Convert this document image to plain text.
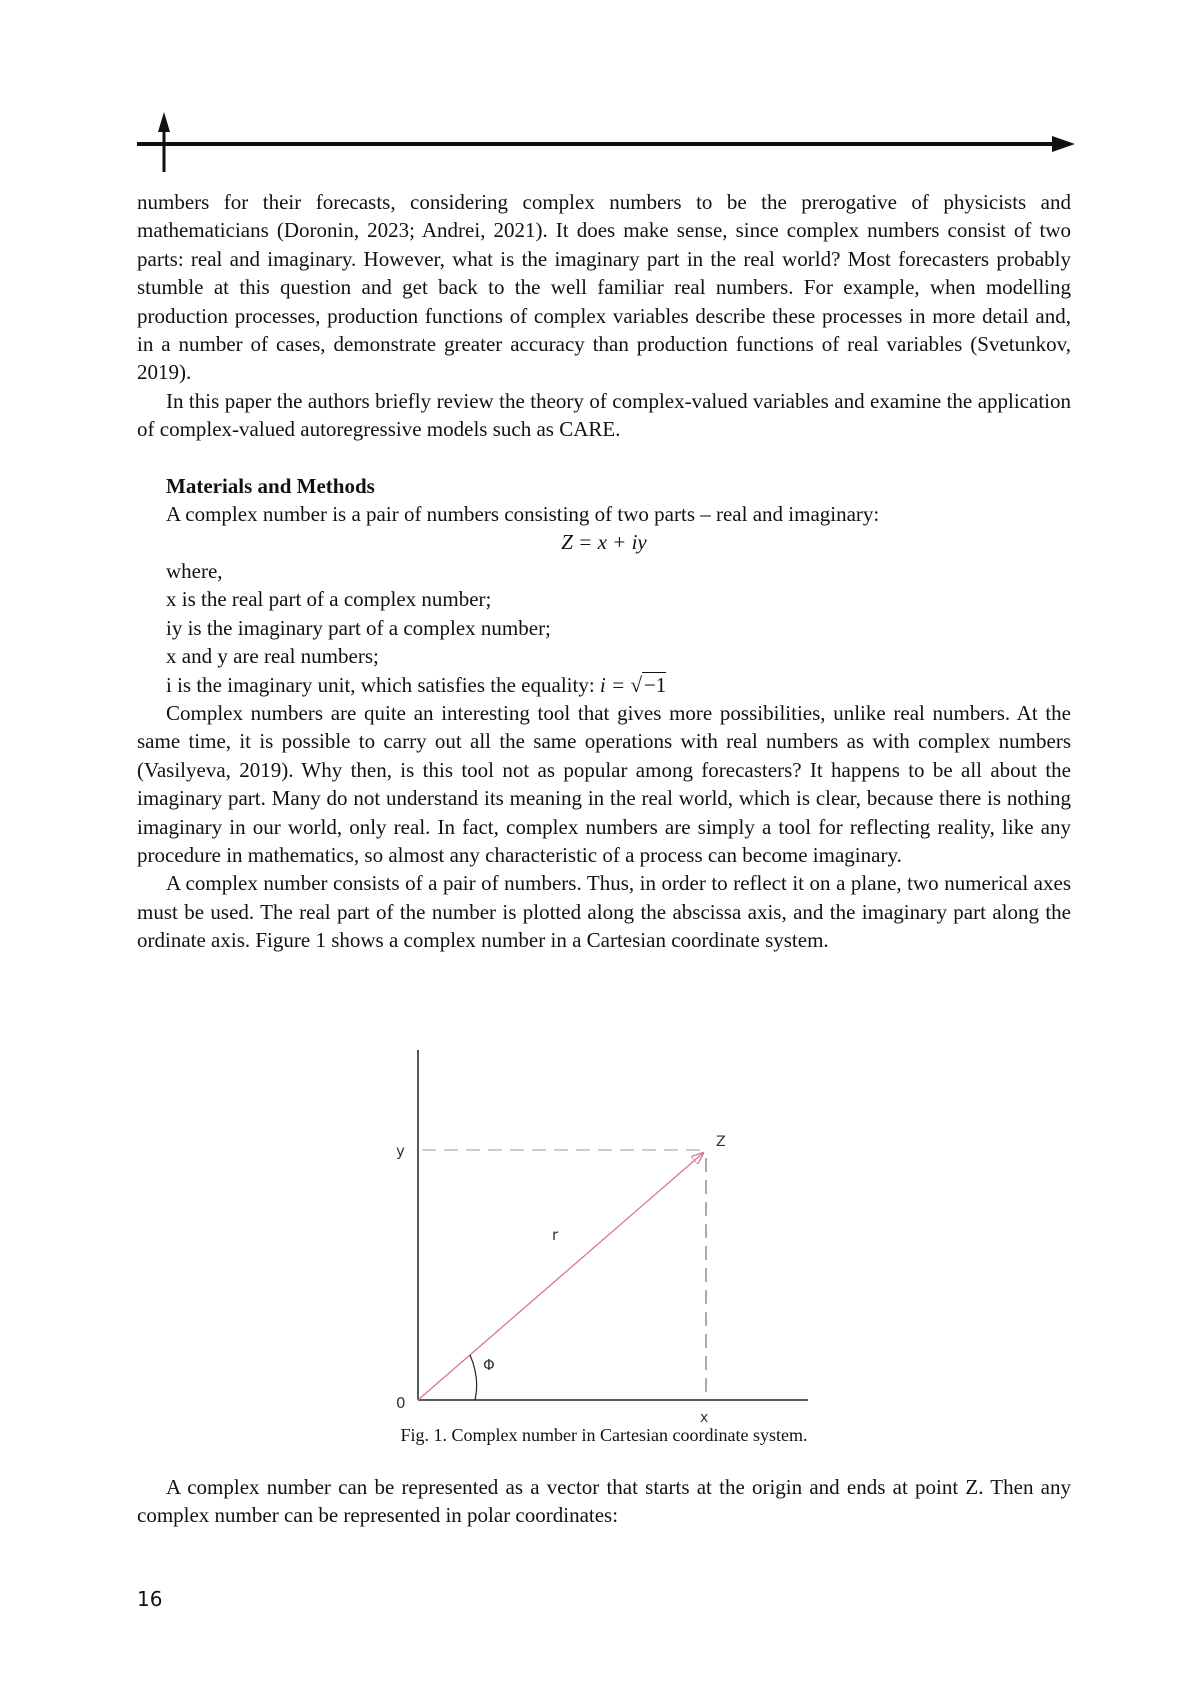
numbers for their forecasts, considering complex numbers to be the prerogative of physicists and mathematicians (Doronin, 2023; Andrei, 2021). It does make sense, since complex numbers consist of two parts: real and imaginary. However, what is the imaginary part in the real world? Most forecasters probably stumble at this question and get back to the well familiar real numbers. For example, when modelling production processes, production functions of complex variables describe these processes in more detail and, in a number of cases, demonstrate greater accuracy than production functions of real variables (Svetunkov, 2019).

In this paper the authors briefly review the theory of complex-valued variables and examine the application of complex-valued autoregressive models such as CARE.

Materials and Methods

A complex number is a pair of numbers consisting of two parts – real and imaginary:

Z = x + iy

where,

x is the real part of a complex number;

iy is the imaginary part of a complex number;

x and y are real numbers;

i is the imaginary unit, which satisfies the equality: i = √−1

Complex numbers are quite an interesting tool that gives more possibilities, unlike real numbers. At the same time, it is possible to carry out all the same operations with real numbers as with complex numbers (Vasilyeva, 2019). Why then, is this tool not as popular among forecasters? It happens to be all about the imaginary part. Many do not understand its meaning in the real world, which is clear, because there is nothing imaginary in our world, only real. In fact, complex numbers are simply a tool for reflecting reality, like any procedure in mathematics, so almost any characteristic of a process can become imaginary.

A complex number consists of a pair of numbers. Thus, in order to reflect it on a plane, two numerical axes must be used. The real part of the number is plotted along the abscissa axis, and the imaginary part along the ordinate axis. Figure 1 shows a complex number in a Cartesian coordinate system.

y	Z
r
Φ
0
x
Fig. 1. Complex number in Cartesian coordinate system.

A complex number can be represented as a vector that starts at the origin and ends at point Z. Then any complex number can be represented in polar coordinates:

16
